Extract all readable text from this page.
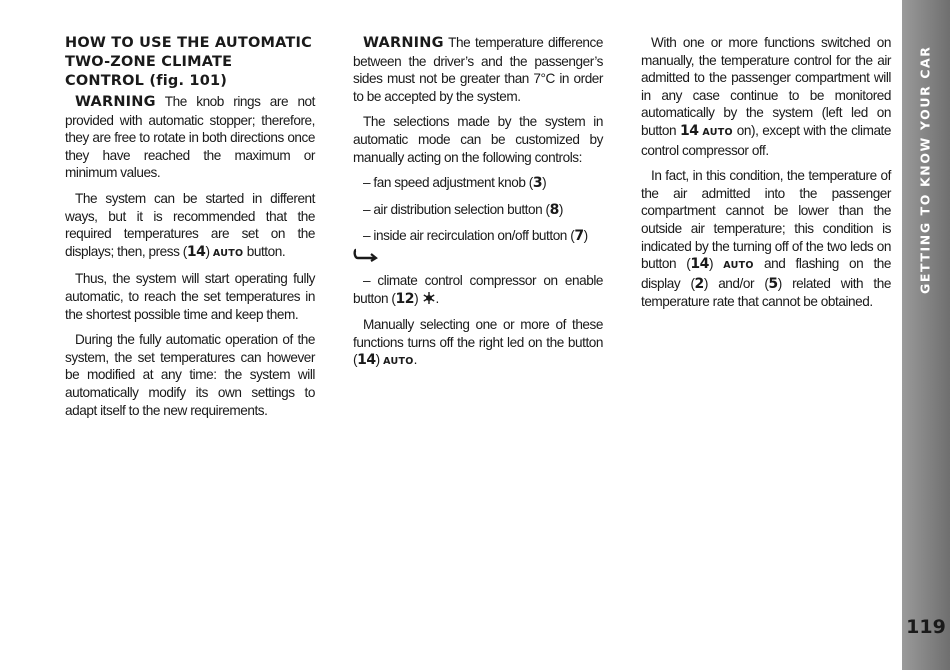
HOW TO USE THE AUTOMATIC TWO-ZONE CLIMATE CONTROL (fig. 101)

WARNING The knob rings are not provided with automatic stopper; therefore, they are free to rotate in both directions once they have reached the maximum or minimum values.

The system can be started in different ways, but it is recommended that the required temperatures are set on the displays; then, press (14) AUTO button.

Thus, the system will start operating fully automatic, to reach the set temperatures in the shortest possible time and keep them.

During the fully automatic operation of the system, the set temperatures can however be modified at any time: the system will automatically modify its own settings to adapt itself to the new requirements.

WARNING The temperature difference between the driver’s and the passenger’s sides must not be greater than 7°C in order to be accepted by the system.

The selections made by the system in automatic mode can be customized by manually acting on the following controls:

– fan speed adjustment knob (3)

– air distribution selection button (8)

– inside air recirculation on/off button (7)

– climate control compressor on enable button (12) .

Manually selecting one or more of these functions turns off the right led on the button (14) AUTO.

With one or more functions switched on manually, the temperature control for the air admitted to the passenger compartment will in any case continue to be monitored automatically by the system (left led on button 14 AUTO on), except with the climate control compressor off.

In fact, in this condition, the temperature of the air admitted into the passenger compartment cannot be lower than the outside air temperature; this condition is indicated by the turning off of the two leds on button (14) AUTO and flashing on the display (2) and/or (5) related with the temperature rate that cannot be obtained.

GETTING TO KNOW YOUR CAR
119
